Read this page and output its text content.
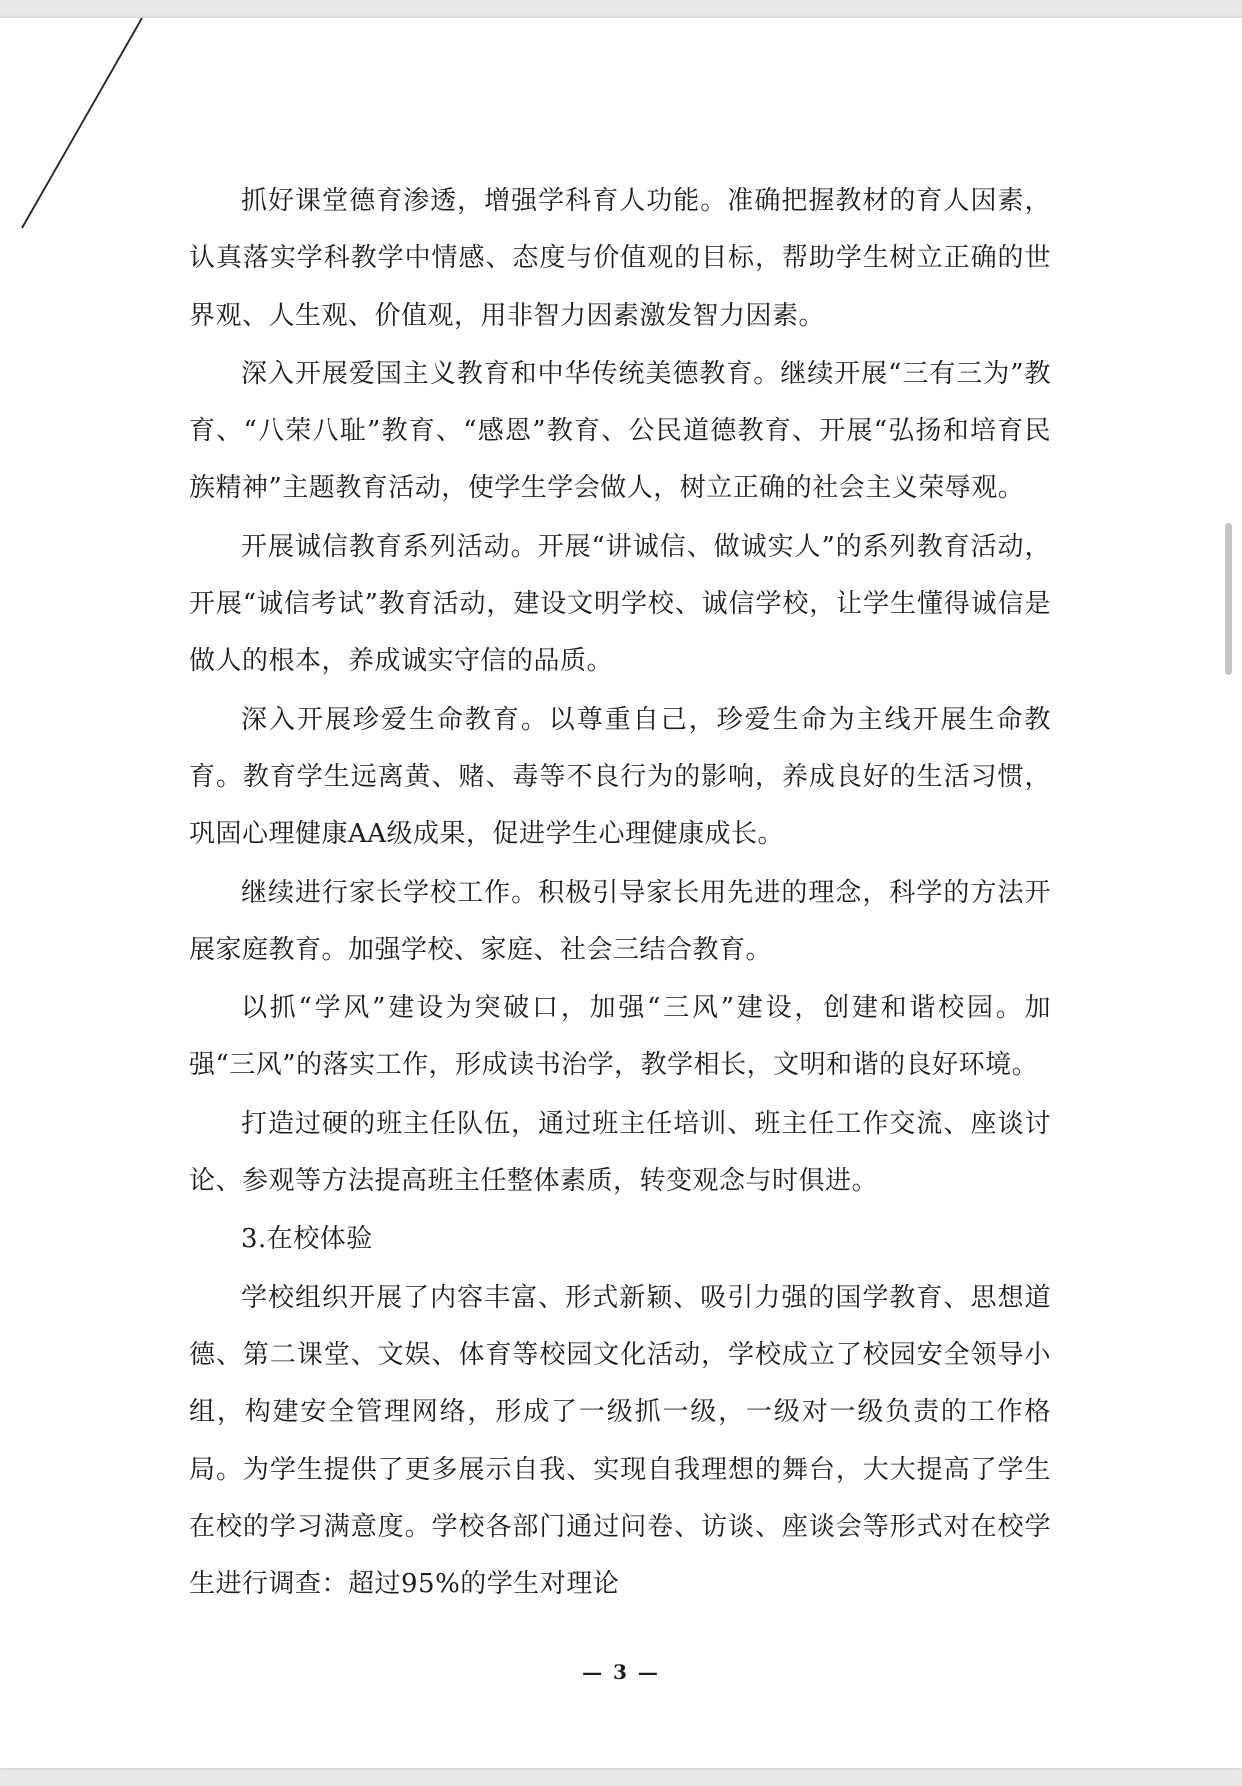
抓好课堂德育渗透，增强学科育人功能。准确把握教材的育人因素，认真落实学科教学中情感、态度与价值观的目标，帮助学生树立正确的世界观、人生观、价值观，用非智力因素激发智力因素。

深入开展爱国主义教育和中华传统美德教育。继续开展“三有三为”教育、“八荣八耻”教育、“感恩”教育、公民道德教育、开展“弘扬和培育民族精神”主题教育活动，使学生学会做人，树立正确的社会主义荣辱观。

开展诚信教育系列活动。开展“讲诚信、做诚实人”的系列教育活动，开展“诚信考试”教育活动，建设文明学校、诚信学校，让学生懂得诚信是做人的根本，养成诚实守信的品质。

深入开展珍爱生命教育。以尊重自己，珍爱生命为主线开展生命教育。教育学生远离黄、赌、毒等不良行为的影响，养成良好的生活习惯，巩固心理健康AA级成果，促进学生心理健康成长。

继续进行家长学校工作。积极引导家长用先进的理念，科学的方法开展家庭教育。加强学校、家庭、社会三结合教育。

以抓“学风”建设为突破口，加强“三风”建设，创建和谐校园。加强“三风”的落实工作，形成读书治学，教学相长，文明和谐的良好环境。

打造过硬的班主任队伍，通过班主任培训、班主任工作交流、座谈讨论、参观等方法提高班主任整体素质，转变观念与时俱进。

3.在校体验

学校组织开展了内容丰富、形式新颖、吸引力强的国学教育、思想道德、第二课堂、文娱、体育等校园文化活动，学校成立了校园安全领导小组，构建安全管理网络，形成了一级抓一级，一级对一级负责的工作格局。为学生提供了更多展示自我、实现自我理想的舞台，大大提高了学生在校的学习满意度。学校各部门通过问卷、访谈、座谈会等形式对在校学生进行调查：超过95%的学生对理论

— 3 —
